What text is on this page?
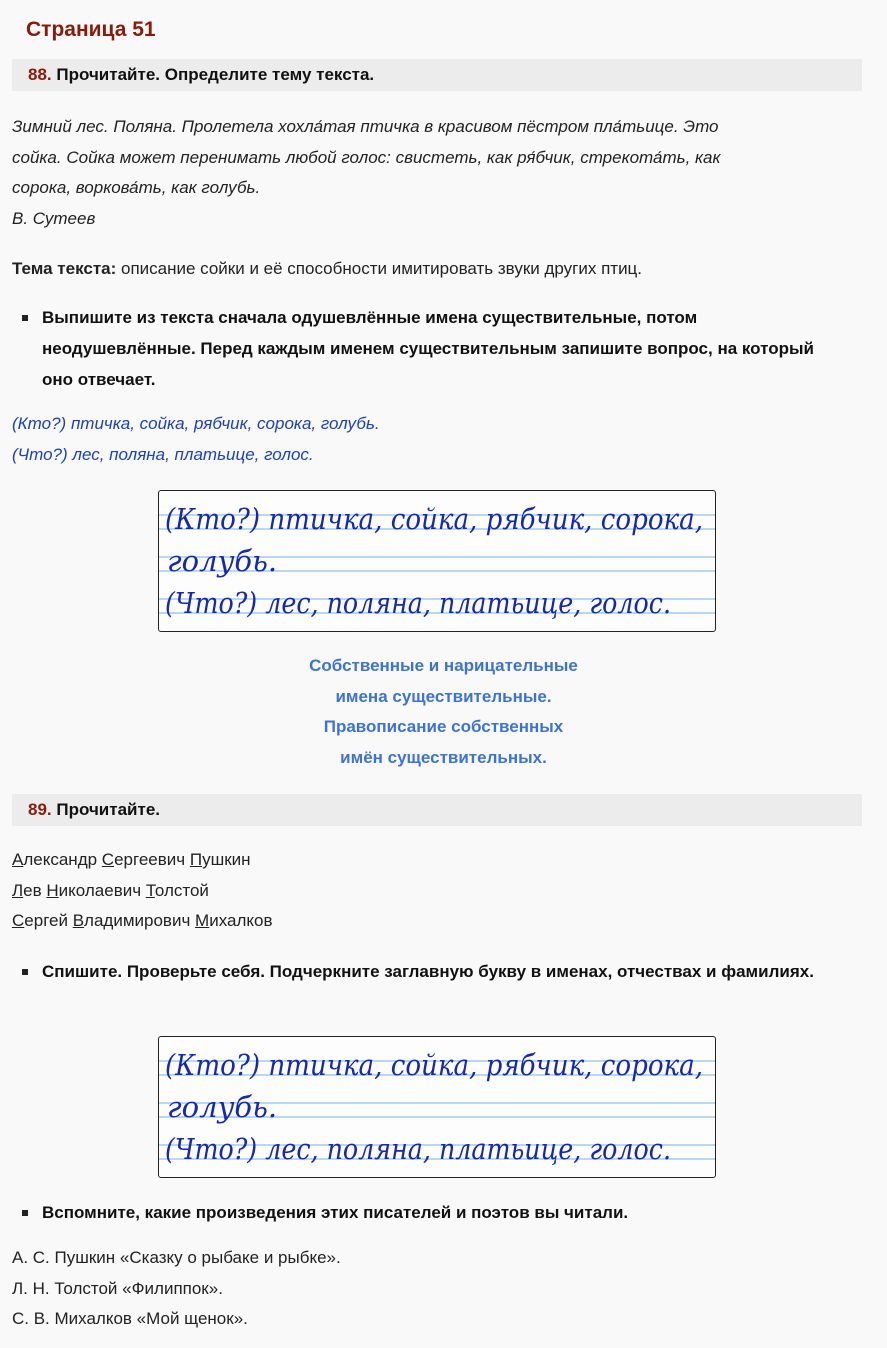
Страница 51
88. Прочитайте. Определите тему текста.
Зимний лес. Поляна. Пролетела хохла́тая птичка в красивом пёстром пла́тьице. Это
сойка. Сойка может перенимать любой голос: свистеть, как ря́бчик, стрекота́ть, как
сорока, воркова́ть, как голубь.
В. Сутеев
Тема текста: описание сойки и её способности имитировать звуки других птиц.
Выпишите из текста сначала одушевлённые имена существительные, потом неодушевлённые. Перед каждым именем существительным запишите вопрос, на который оно отвечает.
(Кто?) птичка, сойка, рябчик, сорока, голубь.
(Что?) лес, поляна, платьице, голос.
(Кто?) птичка, сойка, рябчик, сорока,
голубь.
(Что?) лес, поляна, платьице, голос.
Собственные и нарицательные
имена существительные.
Правописание собственных
имён существительных.
89. Прочитайте.
Александр Сергеевич Пушкин
Лев Николаевич Толстой
Сергей Владимирович Михалков
Спишите. Проверьте себя. Подчеркните заглавную букву в именах, отчествах и фамилиях.
(Кто?) птичка, сойка, рябчик, сорока,
голубь.
(Что?) лес, поляна, платьице, голос.
Вспомните, какие произведения этих писателей и поэтов вы читали.
А. С. Пушкин «Сказку о рыбаке и рыбке».
Л. Н. Толстой «Филиппок».
С. В. Михалков «Мой щенок».
